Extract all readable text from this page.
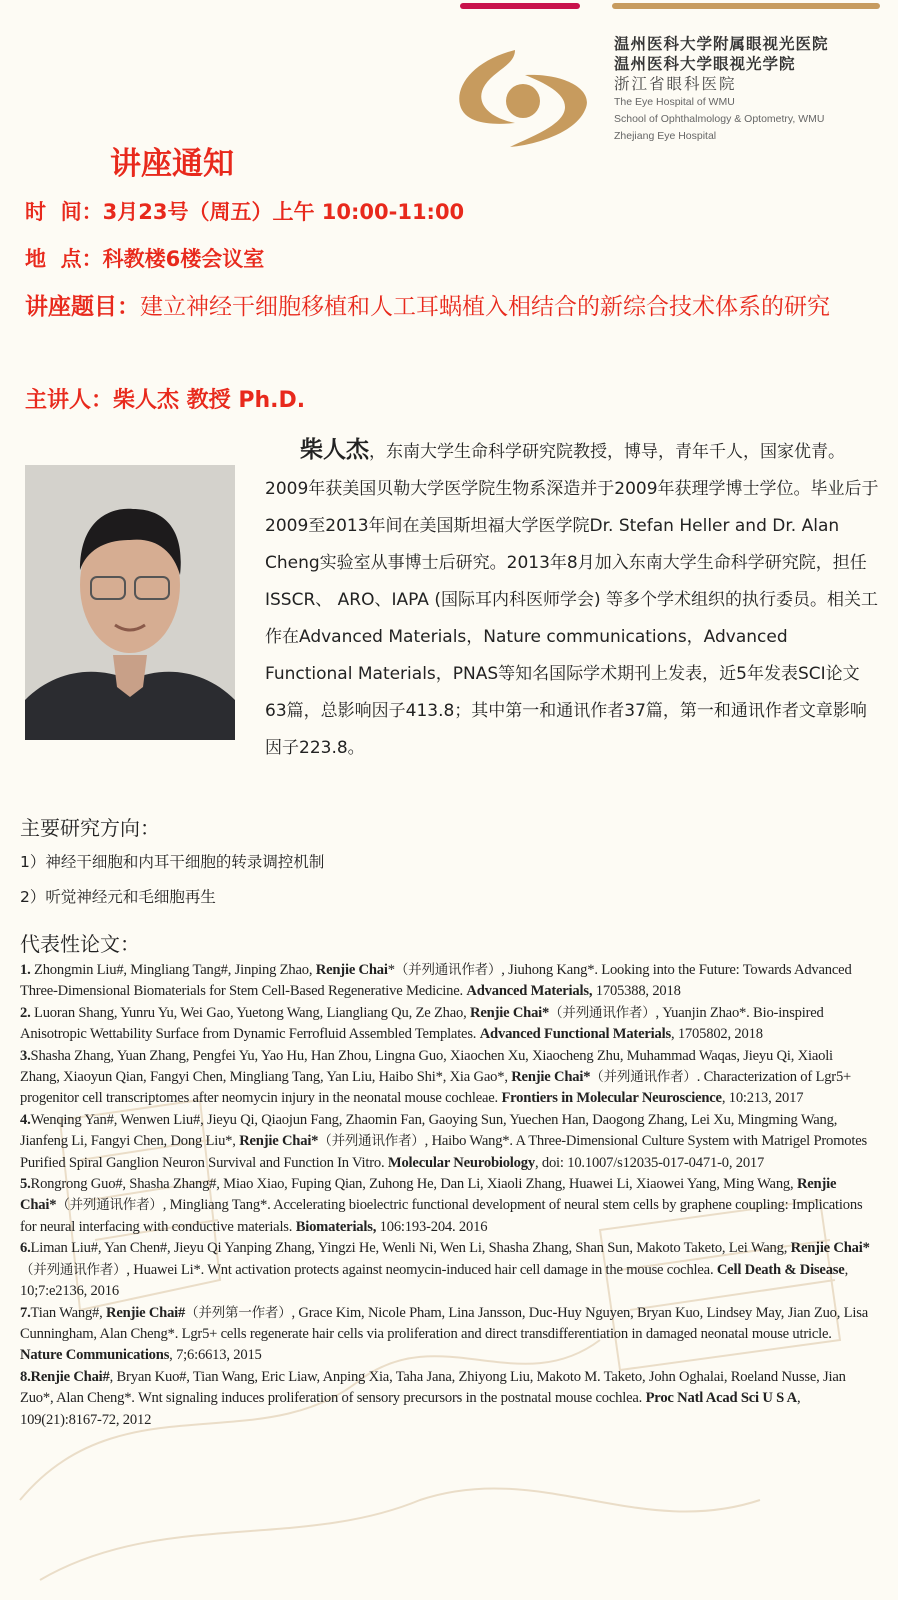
温州医科大学附属眼视光医院
温州医科大学眼视光学院
浙江省眼科医院
The Eye Hospital of WMU
School of Ophthalmology & Optometry, WMU
Zhejiang Eye Hospital
讲座通知
时  间：3月23号（周五）上午 10:00-11:00
地  点：科教楼6楼会议室
讲座题目：建立神经干细胞移植和人工耳蜗植入相结合的新综合技术体系的研究
主讲人：柴人杰 教授 Ph.D.
柴人杰，东南大学生命科学研究院教授，博导，青年千人，国家优青。2009年获美国贝勒大学医学院生物系深造并于2009年获理学博士学位。毕业后于2009至2013年间在美国斯坦福大学医学院Dr. Stefan Heller and Dr. Alan Cheng实验室从事博士后研究。2013年8月加入东南大学生命科学研究院，担任ISSCR、 ARO、IAPA (国际耳内科医师学会) 等多个学术组织的执行委员。相关工作在Advanced Materials，Nature communications，Advanced Functional Materials，PNAS等知名国际学术期刊上发表，近5年发表SCI论文63篇，总影响因子413.8；其中第一和通讯作者37篇，第一和通讯作者文章影响因子223.8。
主要研究方向：
1）神经干细胞和内耳干细胞的转录调控机制
2）听觉神经元和毛细胞再生
代表性论文：
1. Zhongmin Liu#, Mingliang Tang#, Jinping Zhao, Renjie Chai*（并列通讯作者）, Jiuhong Kang*. Looking into the Future: Towards Advanced Three-Dimensional Biomaterials for Stem Cell-Based Regenerative Medicine. Advanced Materials, 1705388, 2018
2. Luoran Shang, Yunru Yu, Wei Gao, Yuetong Wang, Liangliang Qu, Ze Zhao, Renjie Chai*（并列通讯作者）, Yuanjin Zhao*. Bio-inspired Anisotropic Wettability Surface from Dynamic Ferrofluid Assembled Templates. Advanced Functional Materials, 1705802, 2018
3.Shasha Zhang, Yuan Zhang, Pengfei Yu, Yao Hu, Han Zhou, Lingna Guo, Xiaochen Xu, Xiaocheng Zhu, Muhammad Waqas, Jieyu Qi, Xiaoli Zhang, Xiaoyun Qian, Fangyi Chen, Mingliang Tang, Yan Liu, Haibo Shi*, Xia Gao*, Renjie Chai*（并列通讯作者）. Characterization of Lgr5+ progenitor cell transcriptomes after neomycin injury in the neonatal mouse cochleae. Frontiers in Molecular Neuroscience, 10:213, 2017
4.Wenqing Yan#, Wenwen Liu#, Jieyu Qi, Qiaojun Fang, Zhaomin Fan, Gaoying Sun, Yuechen Han, Daogong Zhang, Lei Xu, Mingming Wang, Jianfeng Li, Fangyi Chen, Dong Liu*, Renjie Chai*（并列通讯作者）, Haibo Wang*. A Three-Dimensional Culture System with Matrigel Promotes Purified Spiral Ganglion Neuron Survival and Function In Vitro. Molecular Neurobiology, doi: 10.1007/s12035-017-0471-0, 2017
5.Rongrong Guo#, Shasha Zhang#, Miao Xiao, Fuping Qian, Zuhong He, Dan Li, Xiaoli Zhang, Huawei Li, Xiaowei Yang, Ming Wang, Renjie Chai*（并列通讯作者）, Mingliang Tang*. Accelerating bioelectric functional development of neural stem cells by graphene coupling: Implications for neural interfacing with conductive materials. Biomaterials, 106:193-204. 2016
6.Liman Liu#, Yan Chen#, Jieyu Qi Yanping Zhang, Yingzi He, Wenli Ni, Wen Li, Shasha Zhang, Shan Sun, Makoto Taketo, Lei Wang, Renjie Chai*（并列通讯作者）, Huawei Li*. Wnt activation protects against neomycin-induced hair cell damage in the mouse cochlea. Cell Death & Disease, 10;7:e2136, 2016
7.Tian Wang#, Renjie Chai#（并列第一作者）, Grace Kim, Nicole Pham, Lina Jansson, Duc-Huy Nguyen, Bryan Kuo, Lindsey May, Jian Zuo, Lisa Cunningham, Alan Cheng*. Lgr5+ cells regenerate hair cells via proliferation and direct transdifferentiation in damaged neonatal mouse utricle. Nature Communications, 7;6:6613, 2015
8.Renjie Chai#, Bryan Kuo#, Tian Wang, Eric Liaw, Anping Xia, Taha Jana, Zhiyong Liu, Makoto M. Taketo, John Oghalai, Roeland Nusse, Jian Zuo*, Alan Cheng*. Wnt signaling induces proliferation of sensory precursors in the postnatal mouse cochlea. Proc Natl Acad Sci U S A, 109(21):8167-72, 2012
